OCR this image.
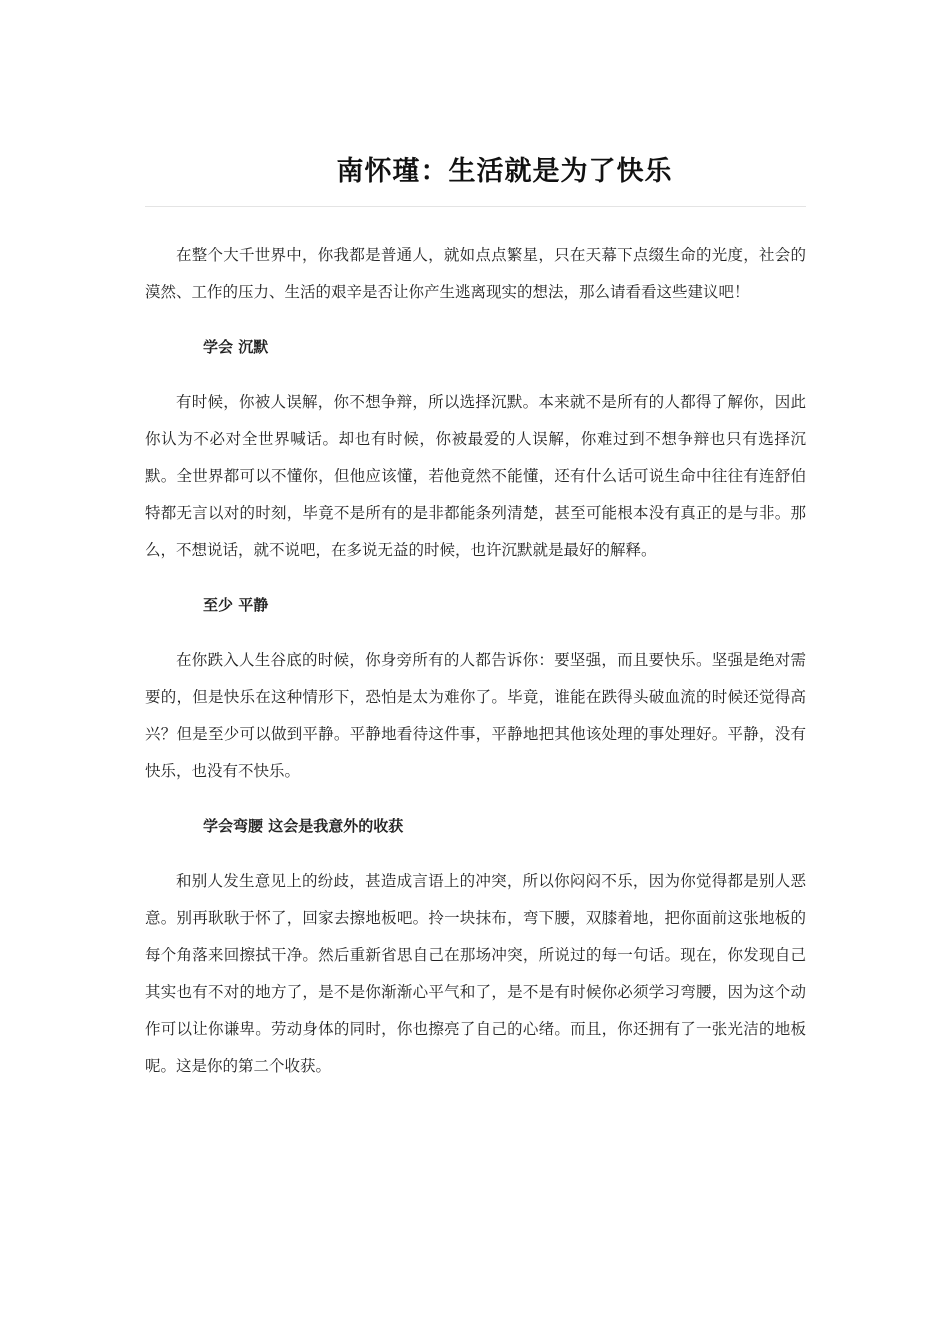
南怀瑾：生活就是为了快乐

在整个大千世界中，你我都是普通人，就如点点繁星，只在天幕下点缀生命的光度，社会的漠然、工作的压力、生活的艰辛是否让你产生逃离现实的想法，那么请看看这些建议吧！

学会 沉默

有时候，你被人误解，你不想争辩，所以选择沉默。本来就不是所有的人都得了解你，因此你认为不必对全世界喊话。却也有时候，你被最爱的人误解，你难过到不想争辩也只有选择沉默。全世界都可以不懂你，但他应该懂，若他竟然不能懂，还有什么话可说生命中往往有连舒伯特都无言以对的时刻，毕竟不是所有的是非都能条列清楚，甚至可能根本没有真正的是与非。那么，不想说话，就不说吧，在多说无益的时候，也许沉默就是最好的解释。

至少 平静

在你跌入人生谷底的时候，你身旁所有的人都告诉你：要坚强，而且要快乐。坚强是绝对需要的，但是快乐在这种情形下，恐怕是太为难你了。毕竟，谁能在跌得头破血流的时候还觉得高兴？但是至少可以做到平静。平静地看待这件事，平静地把其他该处理的事处理好。平静，没有快乐，也没有不快乐。

学会弯腰 这会是我意外的收获

和别人发生意见上的纷歧，甚造成言语上的冲突，所以你闷闷不乐，因为你觉得都是别人恶意。别再耿耿于怀了，回家去擦地板吧。拎一块抹布，弯下腰，双膝着地，把你面前这张地板的每个角落来回擦拭干净。然后重新省思自己在那场冲突，所说过的每一句话。现在，你发现自己其实也有不对的地方了，是不是你渐渐心平气和了，是不是有时候你必须学习弯腰，因为这个动作可以让你谦卑。劳动身体的同时，你也擦亮了自己的心绪。而且，你还拥有了一张光洁的地板呢。这是你的第二个收获。
